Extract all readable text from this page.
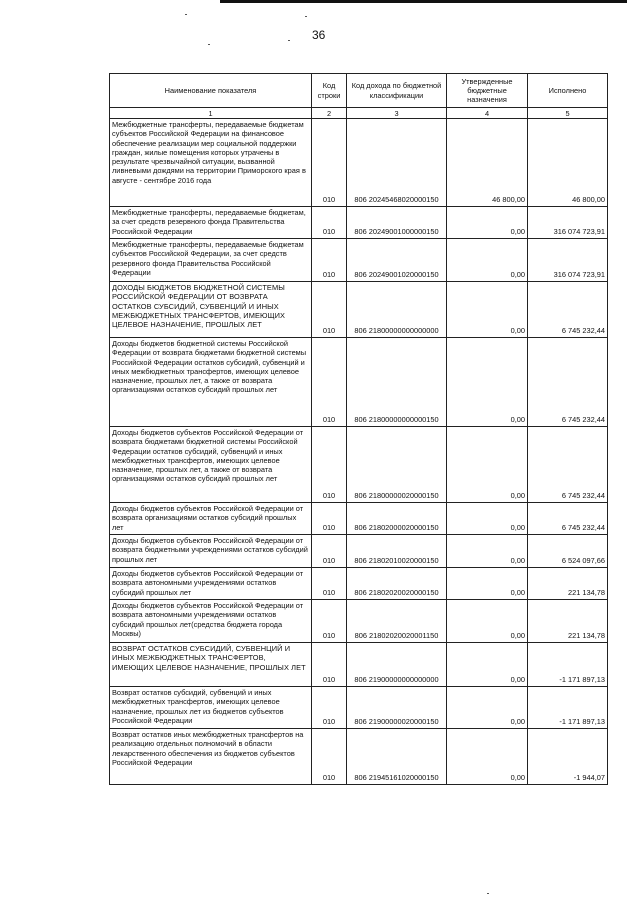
36
Наименование показателя	Код строки	Код дохода по бюджетной классификации	Утвержденные бюджетные назначения	Исполнено
1	2	3	4	5
Межбюджетные трансферты, передаваемые бюджетам субъектов Российской Федерации на финансовое обеспечение реализации мер социальной поддержки граждан, жилые помещения которых утрачены в результате чрезвычайной ситуации, вызванной ливневыми дождями на территории Приморского края в августе - сентябре 2016 года	010	806 20245468020000150	46 800,00	46 800,00
Межбюджетные трансферты, передаваемые бюджетам, за счет средств резервного фонда Правительства Российской Федерации	010	806 20249001000000150	0,00	316 074 723,91
Межбюджетные трансферты, передаваемые бюджетам субъектов Российской Федерации, за счет средств резервного фонда Правительства Российской Федерации	010	806 20249001020000150	0,00	316 074 723,91
ДОХОДЫ БЮДЖЕТОВ БЮДЖЕТНОЙ СИСТЕМЫ РОССИЙСКОЙ ФЕДЕРАЦИИ ОТ ВОЗВРАТА ОСТАТКОВ СУБСИДИЙ, СУБВЕНЦИЙ И ИНЫХ МЕЖБЮДЖЕТНЫХ ТРАНСФЕРТОВ, ИМЕЮЩИХ ЦЕЛЕВОЕ НАЗНАЧЕНИЕ, ПРОШЛЫХ ЛЕТ	010	806 21800000000000000	0,00	6 745 232,44
Доходы бюджетов бюджетной системы Российской Федерации от возврата бюджетами бюджетной системы Российской Федерации остатков субсидий, субвенций и иных межбюджетных трансфертов, имеющих целевое назначение, прошлых лет, а также от возврата организациями остатков субсидий прошлых лет	010	806 21800000000000150	0,00	6 745 232,44
Доходы бюджетов субъектов Российской Федерации от возврата бюджетами бюджетной системы Российской Федерации остатков субсидий, субвенций и иных межбюджетных трансфертов, имеющих целевое назначение, прошлых лет, а также от возврата организациями остатков субсидий прошлых лет	010	806 21800000020000150	0,00	6 745 232,44
Доходы бюджетов субъектов Российской Федерации от возврата организациями остатков субсидий прошлых лет	010	806 21802000020000150	0,00	6 745 232,44
Доходы бюджетов субъектов Российской Федерации от возврата бюджетными учреждениями остатков субсидий прошлых лет	010	806 21802010020000150	0,00	6 524 097,66
Доходы бюджетов субъектов Российской Федерации от возврата автономными учреждениями остатков субсидий прошлых лет	010	806 21802020020000150	0,00	221 134,78
Доходы бюджетов субъектов Российской Федерации от возврата автономными учреждениями остатков субсидий прошлых лет(средства бюджета города Москвы)	010	806 21802020020001150	0,00	221 134,78
ВОЗВРАТ ОСТАТКОВ СУБСИДИЙ, СУБВЕНЦИЙ И ИНЫХ МЕЖБЮДЖЕТНЫХ ТРАНСФЕРТОВ, ИМЕЮЩИХ ЦЕЛЕВОЕ НАЗНАЧЕНИЕ, ПРОШЛЫХ ЛЕТ	010	806 21900000000000000	0,00	-1 171 897,13
Возврат остатков субсидий, субвенций и иных межбюджетных трансфертов, имеющих целевое назначение, прошлых лет из бюджетов субъектов Российской Федерации	010	806 21900000020000150	0,00	-1 171 897,13
Возврат остатков иных межбюджетных трансфертов на реализацию отдельных полномочий в области лекарственного обеспечения из бюджетов субъектов Российской Федерации	010	806 21945161020000150	0,00	-1 944,07
